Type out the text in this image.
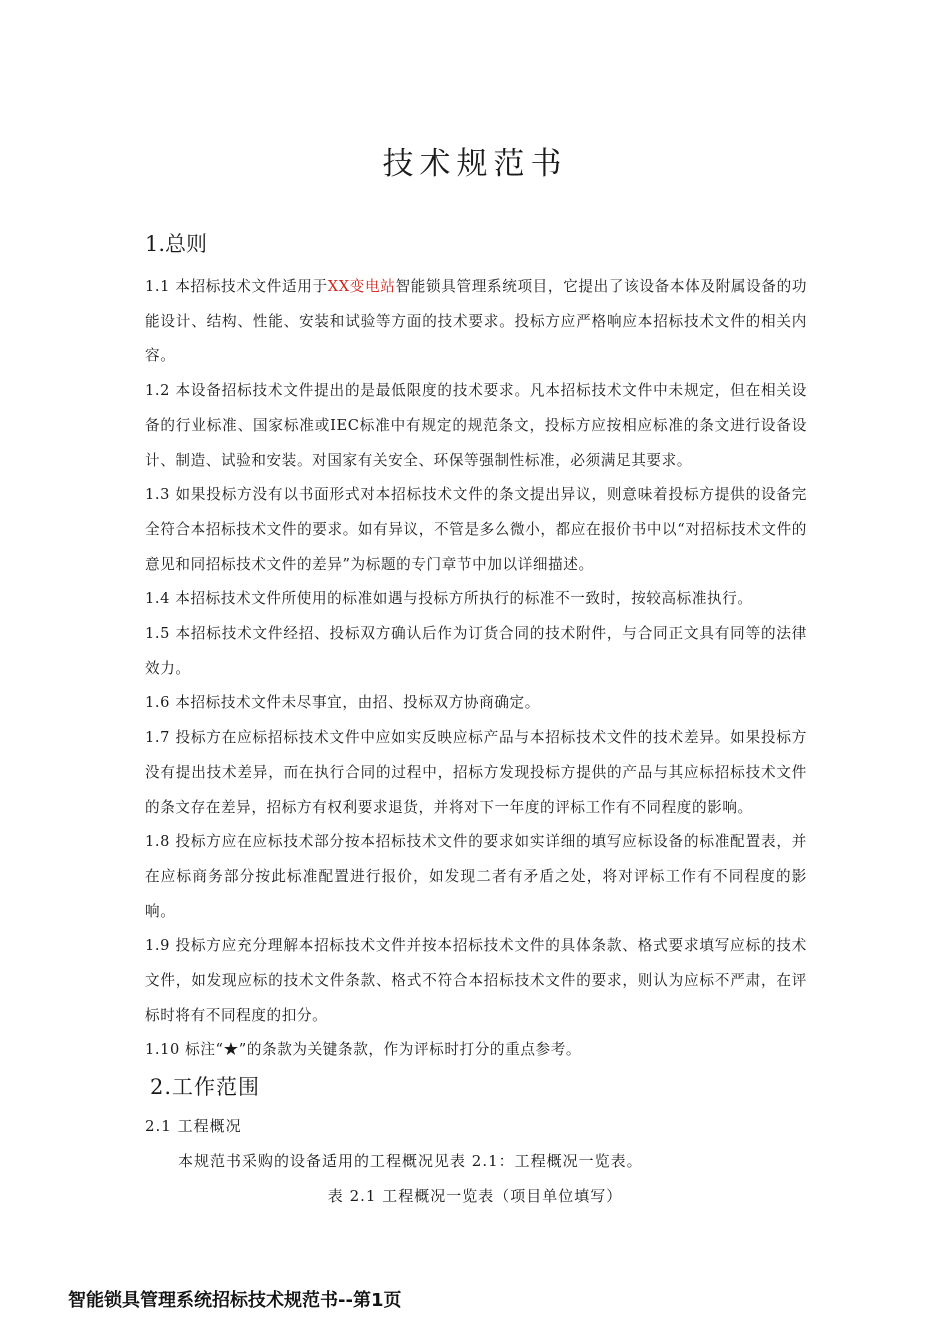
技术规范书
1.总则

1.1 本招标技术文件适用于XX变电站智能锁具管理系统项目，它提出了该设备本体及附属设备的功能设计、结构、性能、安装和试验等方面的技术要求。投标方应严格响应本招标技术文件的相关内容。

1.2 本设备招标技术文件提出的是最低限度的技术要求。凡本招标技术文件中未规定，但在相关设备的行业标准、国家标准或IEC标准中有规定的规范条文，投标方应按相应标准的条文进行设备设计、制造、试验和安装。对国家有关安全、环保等强制性标准，必须满足其要求。

1.3 如果投标方没有以书面形式对本招标技术文件的条文提出异议，则意味着投标方提供的设备完全符合本招标技术文件的要求。如有异议，不管是多么微小，都应在报价书中以“对招标技术文件的意见和同招标技术文件的差异”为标题的专门章节中加以详细描述。

1.4 本招标技术文件所使用的标准如遇与投标方所执行的标准不一致时，按较高标准执行。

1.5 本招标技术文件经招、投标双方确认后作为订货合同的技术附件，与合同正文具有同等的法律效力。

1.6 本招标技术文件未尽事宜，由招、投标双方协商确定。

1.7 投标方在应标招标技术文件中应如实反映应标产品与本招标技术文件的技术差异。如果投标方没有提出技术差异，而在执行合同的过程中，招标方发现投标方提供的产品与其应标招标技术文件的条文存在差异，招标方有权利要求退货，并将对下一年度的评标工作有不同程度的影响。

1.8 投标方应在应标技术部分按本招标技术文件的要求如实详细的填写应标设备的标准配置表，并在应标商务部分按此标准配置进行报价，如发现二者有矛盾之处，将对评标工作有不同程度的影响。

1.9 投标方应充分理解本招标技术文件并按本招标技术文件的具体条款、格式要求填写应标的技术文件，如发现应标的技术文件条款、格式不符合本招标技术文件的要求，则认为应标不严肃，在评标时将有不同程度的扣分。

1.10 标注“★”的条款为关键条款，作为评标时打分的重点参考。

2.工作范围

2.1 工程概况

本规范书采购的设备适用的工程概况见表 2.1：工程概况一览表。

表 2.1 工程概况一览表（项目单位填写）

智能锁具管理系统招标技术规范书--第1页
